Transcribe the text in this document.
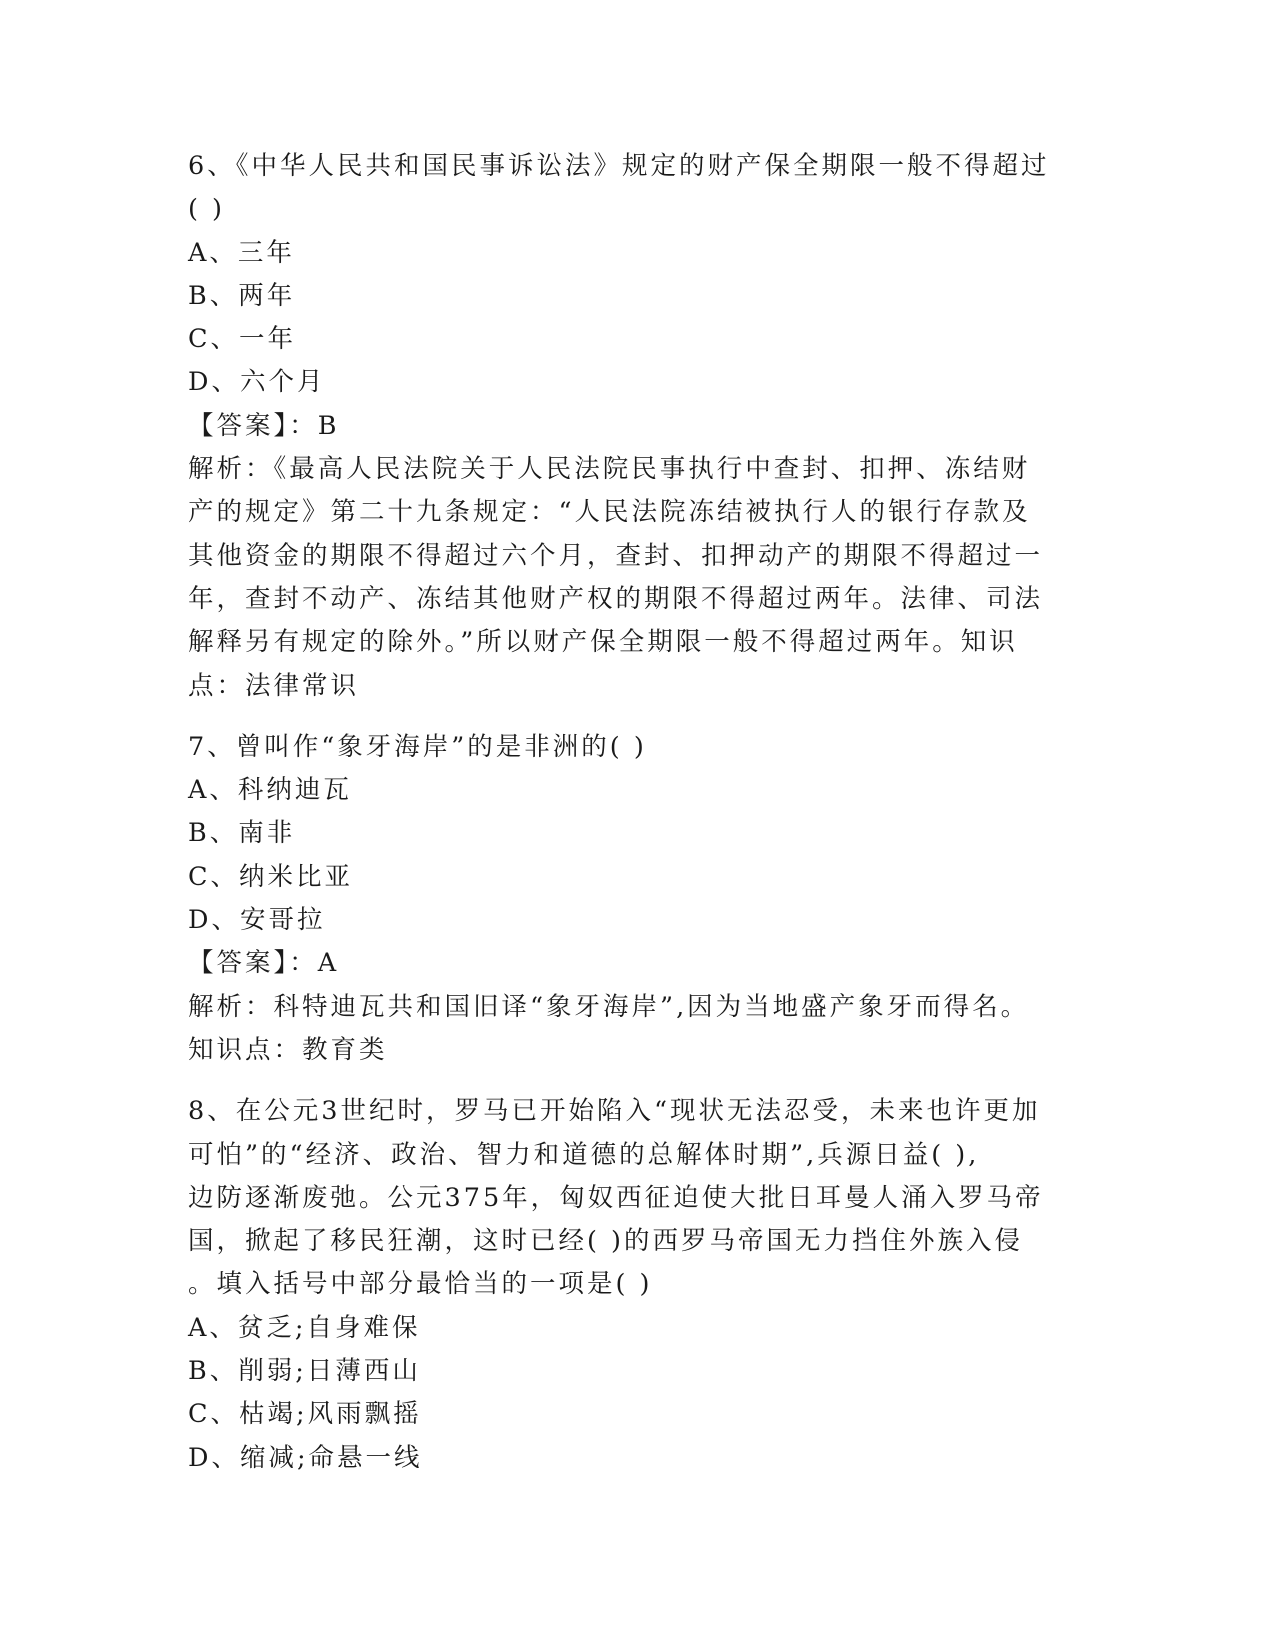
6、《中华人民共和国民事诉讼法》规定的财产保全期限一般不得超过
( )
A、三年
B、两年
C、一年
D、六个月
【答案】：B
解析：《最高人民法院关于人民法院民事执行中查封、扣押、冻结财
产的规定》第二十九条规定：“人民法院冻结被执行人的银行存款及
其他资金的期限不得超过六个月，查封、扣押动产的期限不得超过一
年，查封不动产、冻结其他财产权的期限不得超过两年。法律、司法
解释另有规定的除外。”所以财产保全期限一般不得超过两年。知识
点：法律常识
7、曾叫作“象牙海岸”的是非洲的( )
A、科纳迪瓦
B、南非
C、纳米比亚
D、安哥拉
【答案】：A
解析：科特迪瓦共和国旧译“象牙海岸”,因为当地盛产象牙而得名。
知识点：教育类
8、在公元3世纪时，罗马已开始陷入“现状无法忍受，未来也许更加
可怕”的“经济、政治、智力和道德的总解体时期”,兵源日益( ),
边防逐渐废弛。公元375年，匈奴西征迫使大批日耳曼人涌入罗马帝
国，掀起了移民狂潮，这时已经( )的西罗马帝国无力挡住外族入侵
。填入括号中部分最恰当的一项是( )
A、贫乏;自身难保
B、削弱;日薄西山
C、枯竭;风雨飘摇
D、缩减;命悬一线
